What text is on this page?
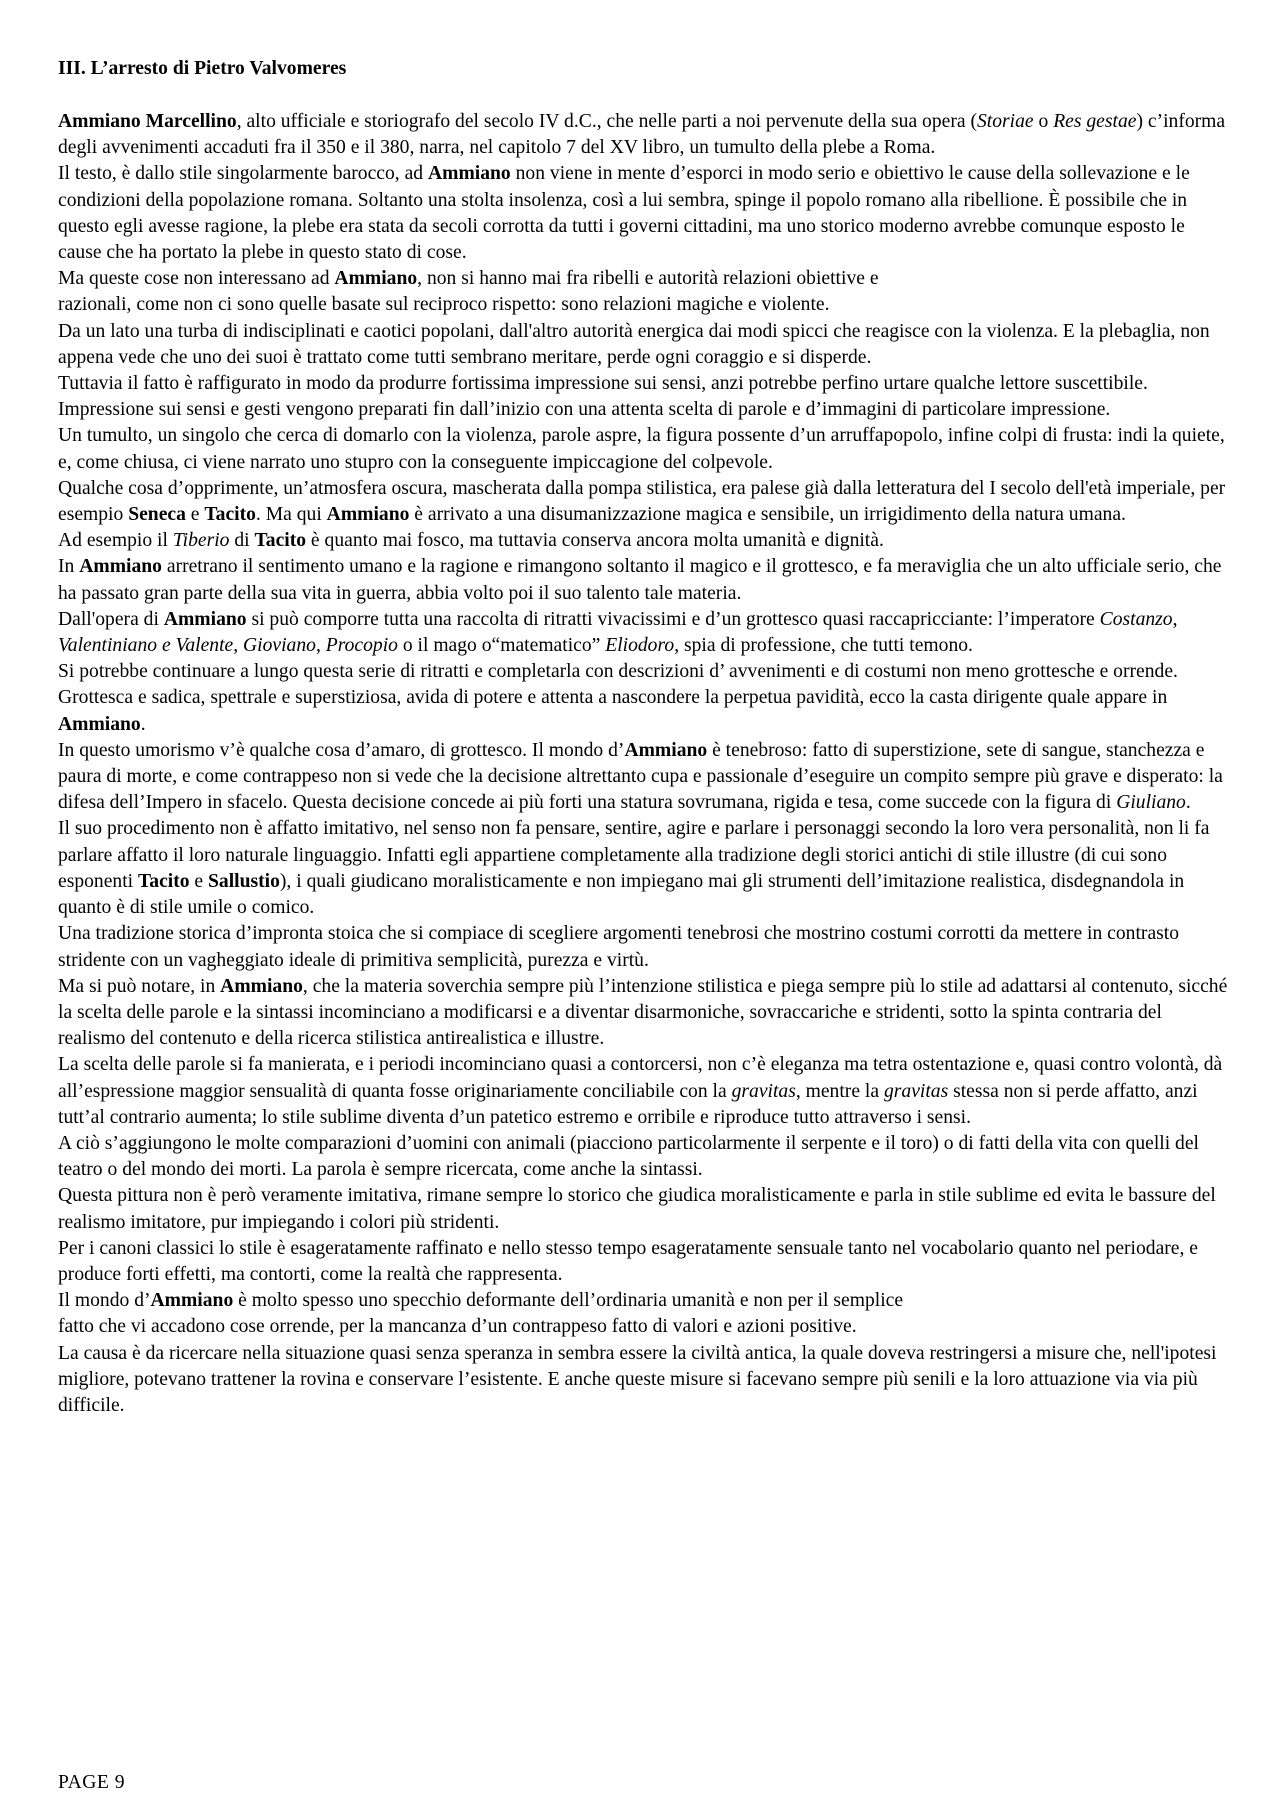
III. L’arresto di Pietro Valvomeres

Ammiano Marcellino, alto ufficiale e storiografo del secolo IV d.C., che nelle parti a noi pervenute della sua opera (Storiae o Res gestae) c’informa degli avvenimenti accaduti fra il 350 e il 380, narra, nel capitolo 7 del XV libro, un tumulto della plebe a Roma.

Il testo, è dallo stile singolarmente barocco, ad Ammiano non viene in mente d’esporci in modo serio e obiettivo le cause della sollevazione e le condizioni della popolazione romana. Soltanto una stolta insolenza, così a lui sembra, spinge il popolo romano alla ribellione. È possibile che in questo egli avesse ragione, la plebe era stata da secoli corrotta da tutti i governi cittadini, ma uno storico moderno avrebbe comunque esposto le cause che ha portato la plebe in questo stato di cose.

Ma queste cose non interessano ad Ammiano, non si hanno mai fra ribelli e autorità relazioni obiettive e

razionali, come non ci sono quelle basate sul reciproco rispetto: sono relazioni magiche e violente.

Da un lato una turba di indisciplinati e caotici popolani, dall'altro autorità energica dai modi spicci che reagisce con la violenza. E la plebaglia, non appena vede che uno dei suoi è trattato come tutti sembrano meritare, perde ogni coraggio e si disperde.

Tuttavia il fatto è raffigurato in modo da produrre fortissima impressione sui sensi, anzi potrebbe perfino urtare qualche lettore suscettibile.

Impressione sui sensi e gesti vengono preparati fin dall’inizio con una attenta scelta di parole e d’immagini di particolare impressione.

Un tumulto, un singolo che cerca di domarlo con la violenza, parole aspre, la figura possente d’un arruffapopolo, infine colpi di frusta: indi la quiete, e, come chiusa, ci viene narrato uno stupro con la conseguente impiccagione del colpevole.

Qualche cosa d’opprimente, un’atmosfera oscura, mascherata dalla pompa stilistica, era palese già dalla letteratura del I secolo dell'età imperiale, per esempio Seneca e Tacito. Ma qui Ammiano è arrivato a una disumanizzazione magica e sensibile, un irrigidimento della natura umana.

Ad esempio il Tiberio di Tacito è quanto mai fosco, ma tuttavia conserva ancora molta umanità e dignità.

In Ammiano arretrano il sentimento umano e la ragione e rimangono soltanto il magico e il grottesco, e fa meraviglia che un alto ufficiale serio, che ha passato gran parte della sua vita in guerra, abbia volto poi il suo talento tale materia.

Dall'opera di Ammiano si può comporre tutta una raccolta di ritratti vivacissimi e d’un grottesco quasi raccapricciante: l’imperatore Costanzo, Valentiniano e Valente, Gioviano, Procopio o il mago o“matematico” Eliodoro, spia di professione, che tutti temono.

Si potrebbe continuare a lungo questa serie di ritratti e completarla con descrizioni d’ avvenimenti e di costumi non meno grottesche e orrende.

Grottesca e sadica, spettrale e superstiziosa, avida di potere e attenta a nascondere la perpetua pavidità, ecco la casta dirigente quale appare in Ammiano.

In questo umorismo v’è qualche cosa d’amaro, di grottesco. Il mondo d’Ammiano è tenebroso: fatto di superstizione, sete di sangue, stanchezza e paura di morte, e come contrappeso non si vede che la decisione altrettanto cupa e passionale d’eseguire un compito sempre più grave e disperato: la difesa dell’Impero in sfacelo. Questa decisione concede ai più forti una statura sovrumana, rigida e tesa, come succede con la figura di Giuliano.

Il suo procedimento non è affatto imitativo, nel senso non fa pensare, sentire, agire e parlare i personaggi secondo la loro vera personalità, non li fa parlare affatto il loro naturale linguaggio. Infatti egli appartiene completamente alla tradizione degli storici antichi di stile illustre (di cui sono esponenti Tacito e Sallustio), i quali giudicano moralisticamente e non impiegano mai gli strumenti dell’imitazione realistica, disdegnandola in quanto è di stile umile o comico.

Una tradizione storica d’impronta stoica che si compiace di scegliere argomenti tenebrosi che mostrino costumi corrotti da mettere in contrasto stridente con un vagheggiato ideale di primitiva semplicità, purezza e virtù.

Ma si può notare, in Ammiano, che la materia soverchia sempre più l’intenzione stilistica e piega sempre più lo stile ad adattarsi al contenuto, sicché la scelta delle parole e la sintassi incominciano a modificarsi e a diventar disarmoniche, sovraccariche e stridenti, sotto la spinta contraria del realismo del contenuto e della ricerca stilistica antirealistica e illustre.

La scelta delle parole si fa manierata, e i periodi incominciano quasi a contorcersi, non c’è eleganza ma tetra ostentazione e, quasi contro volontà, dà all’espressione maggior sensualità di quanta fosse originariamente conciliabile con la gravitas, mentre la gravitas stessa non si perde affatto, anzi tutt’al contrario aumenta; lo stile sublime diventa d’un patetico estremo e orribile e riproduce tutto attraverso i sensi.

A ciò s’aggiungono le molte comparazioni d’uomini con animali (piacciono particolarmente il serpente e il toro) o di fatti della vita con quelli del teatro o del mondo dei morti. La parola è sempre ricercata, come anche la sintassi.

Questa pittura non è però veramente imitativa, rimane sempre lo storico che giudica moralisticamente e parla in stile sublime ed evita le bassure del realismo imitatore, pur impiegando i colori più stridenti.

Per i canoni classici lo stile è esageratamente raffinato e nello stesso tempo esageratamente sensuale tanto nel vocabolario quanto nel periodare, e produce forti effetti, ma contorti, come la realtà che rappresenta.

Il mondo d’Ammiano è molto spesso uno specchio deformante dell’ordinaria umanità e non per il semplice

fatto che vi accadono cose orrende, per la mancanza d’un contrappeso fatto di valori e azioni positive.

La causa è da ricercare nella situazione quasi senza speranza in sembra essere la civiltà antica, la quale doveva restringersi a misure che, nell'ipotesi migliore, potevano trattener la rovina e conservare l’esistente. E anche queste misure si facevano sempre più senili e la loro attuazione via via più difficile.

PAGE 9
